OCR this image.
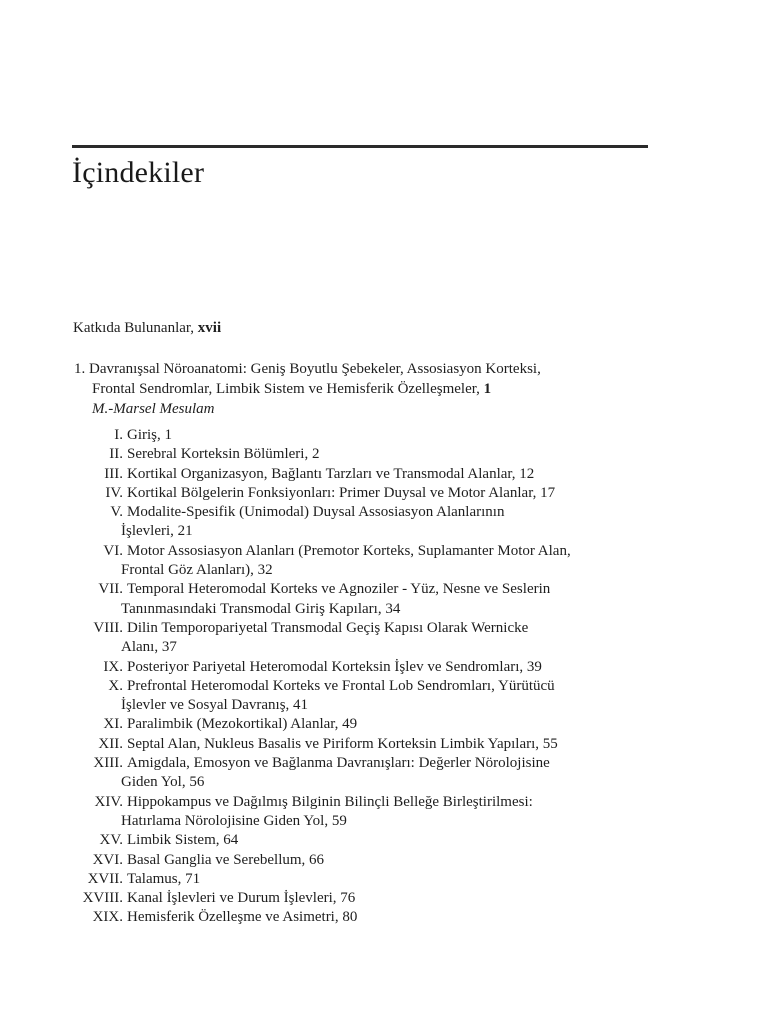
İçindekiler
Katkıda Bulunanlar, xvii
1. Davranışsal Nöroanatomi: Geniş Boyutlu Şebekeler, Assosiasyon Korteksi,
Frontal Sendromlar, Limbik Sistem ve Hemisferik Özelleşmeler, 1
M.-Marsel Mesulam
I. Giriş, 1
II. Serebral Korteksin Bölümleri, 2
III. Kortikal Organizasyon, Bağlantı Tarzları ve Transmodal Alanlar, 12
IV. Kortikal Bölgelerin Fonksiyonları: Primer Duysal ve Motor Alanlar, 17
V. Modalite-Spesifik (Unimodal) Duysal Assosiasyon Alanlarının
İşlevleri, 21
VI. Motor Assosiasyon Alanları (Premotor Korteks, Suplamanter Motor Alan,
Frontal Göz Alanları), 32
VII. Temporal Heteromodal Korteks ve Agnoziler - Yüz, Nesne ve Seslerin
Tanınmasındaki Transmodal Giriş Kapıları, 34
VIII. Dilin Temporopariyetal Transmodal Geçiş Kapısı Olarak Wernicke
Alanı, 37
IX. Posteriyor Pariyetal Heteromodal Korteksin İşlev ve Sendromları, 39
X. Prefrontal Heteromodal Korteks ve Frontal Lob Sendromları, Yürütücü
İşlevler ve Sosyal Davranış, 41
XI. Paralimbik (Mezokortikal) Alanlar, 49
XII. Septal Alan, Nukleus Basalis ve Piriform Korteksin Limbik Yapıları, 55
XIII. Amigdala, Emosyon ve Bağlanma Davranışları: Değerler Nörolojisine
Giden Yol, 56
XIV. Hippokampus ve Dağılmış Bilginin Bilinçli Belleğe Birleştirilmesi:
Hatırlama Nörolojisine Giden Yol, 59
XV. Limbik Sistem, 64
XVI. Basal Ganglia ve Serebellum, 66
XVII. Talamus, 71
XVIII. Kanal İşlevleri ve Durum İşlevleri, 76
XIX. Hemisferik Özelleşme ve Asimetri, 80
